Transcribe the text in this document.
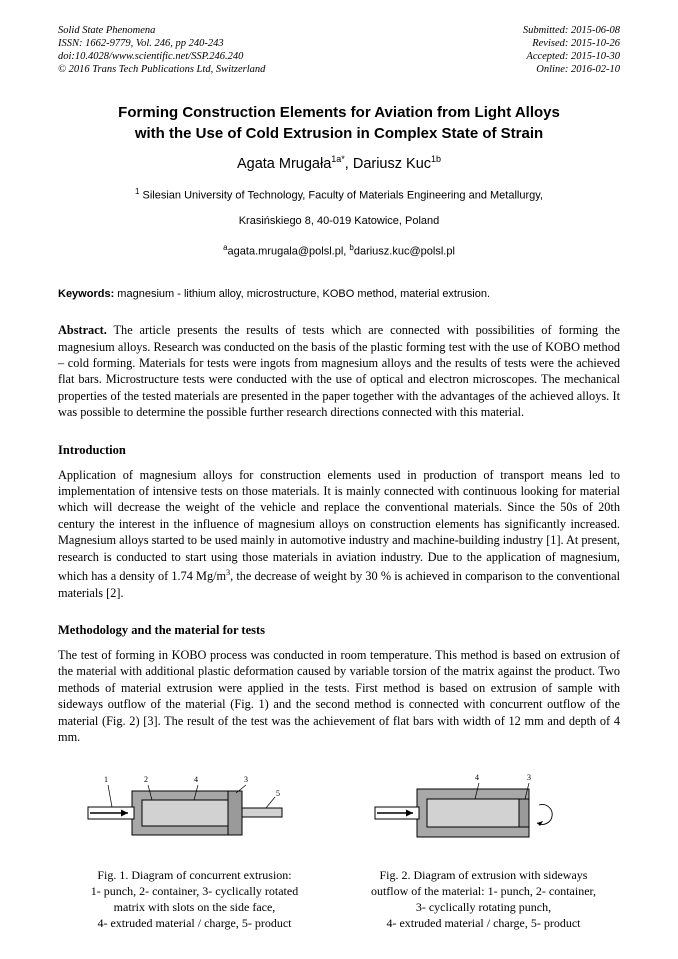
Solid State Phenomena
ISSN: 1662-9779, Vol. 246, pp 240-243
doi:10.4028/www.scientific.net/SSP.246.240
© 2016 Trans Tech Publications Ltd, Switzerland
Submitted: 2015-06-08
Revised: 2015-10-26
Accepted: 2015-10-30
Online: 2016-02-10
Forming Construction Elements for Aviation from Light Alloys
with the Use of Cold Extrusion in Complex State of Strain
Agata Mrugała$^{1a*}$, Dariusz Kuc$^{1b}$
$^1$ Silesian University of Technology, Faculty of Materials Engineering and Metallurgy,
Krasińskiego 8, 40-019 Katowice, Poland
$^a$agata.mrugala@polsl.pl, $^b$dariusz.kuc@polsl.pl
Keywords: magnesium - lithium alloy, microstructure, KOBO method, material extrusion.
Abstract. The article presents the results of tests which are connected with possibilities of forming the magnesium alloys. Research was conducted on the basis of the plastic forming test with the use of KOBO method – cold forming. Materials for tests were ingots from magnesium alloys and the results of tests were the achieved flat bars. Microstructure tests were conducted with the use of optical and electron microscopes. The mechanical properties of the tested materials are presented in the paper together with the advantages of the achieved alloys. It was possible to determine the possible further research directions connected with this material.
Introduction

Application of magnesium alloys for construction elements used in production of transport means led to implementation of intensive tests on those materials. It is mainly connected with continuous looking for material which will decrease the weight of the vehicle and replace the conventional materials. Since the 50s of 20th century the interest in the influence of magnesium alloys on construction elements has significantly increased. Magnesium alloys started to be used mainly in automotive industry and machine-building industry [1]. At present, research is conducted to start using those materials in aviation industry. Due to the application of magnesium, which has a density of 1.74 $Mg/m^3$, the decrease of weight by 30 % is achieved in comparison to the conventional materials [2].

Methodology and the material for tests

The test of forming in KOBO process was conducted in room temperature. This method is based on extrusion of the material with additional plastic deformation caused by variable torsion of the matrix against the product. Two methods of material extrusion were applied in the tests. First method is based on extrusion of sample with sideways outflow of the material (Fig. 1) and the second method is connected with concurrent outflow of the material (Fig. 2) [3]. The result of the test was the achievement of flat bars with width of 12 mm and depth of 4 mm.

1	2	4	3
5
Fig. 1. Diagram of concurrent extrusion:
1- punch, 2- container, 3- cyclically rotated
matrix with slots on the side face,
4- extruded material / charge, 5- product
4	3
Fig. 2. Diagram of extrusion with sideways
outflow of the material: 1- punch, 2- container,
3- cyclically rotating punch,
4- extruded material / charge, 5- product
